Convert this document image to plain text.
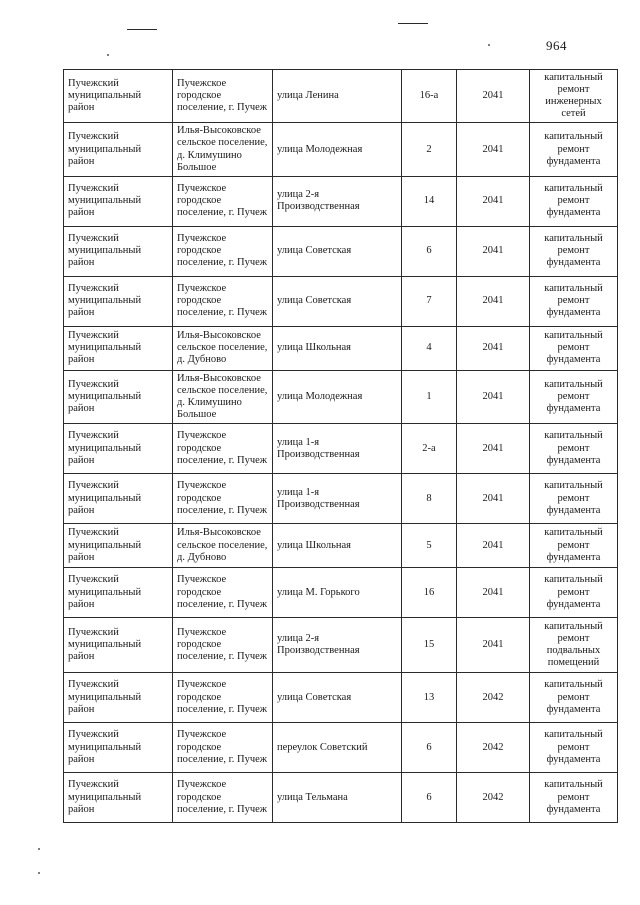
964
Пучежский муниципальный район	Пучежское городское поселение, г. Пучеж	улица Ленина	16-а	2041	капитальный ремонт инженерных сетей
Пучежский муниципальный район	Илья-Высоковское сельское поселение, д. Климушино Большое	улица Молодежная	2	2041	капитальный ремонт фундамента
Пучежский муниципальный район	Пучежское городское поселение, г. Пучеж	улица 2-я Производственная	14	2041	капитальный ремонт фундамента
Пучежский муниципальный район	Пучежское городское поселение, г. Пучеж	улица Советская	6	2041	капитальный ремонт фундамента
Пучежский муниципальный район	Пучежское городское поселение, г. Пучеж	улица Советская	7	2041	капитальный ремонт фундамента
Пучежский муниципальный район	Илья-Высоковское сельское поселение, д. Дубново	улица Школьная	4	2041	капитальный ремонт фундамента
Пучежский муниципальный район	Илья-Высоковское сельское поселение, д. Климушино Большое	улица Молодежная	1	2041	капитальный ремонт фундамента
Пучежский муниципальный район	Пучежское городское поселение, г. Пучеж	улица 1-я Производственная	2-а	2041	капитальный ремонт фундамента
Пучежский муниципальный район	Пучежское городское поселение, г. Пучеж	улица 1-я Производственная	8	2041	капитальный ремонт фундамента
Пучежский муниципальный район	Илья-Высоковское сельское поселение, д. Дубново	улица Школьная	5	2041	капитальный ремонт фундамента
Пучежский муниципальный район	Пучежское городское поселение, г. Пучеж	улица М. Горького	16	2041	капитальный ремонт фундамента
Пучежский муниципальный район	Пучежское городское поселение, г. Пучеж	улица 2-я Производственная	15	2041	капитальный ремонт подвальных помещений
Пучежский муниципальный район	Пучежское городское поселение, г. Пучеж	улица Советская	13	2042	капитальный ремонт фундамента
Пучежский муниципальный район	Пучежское городское поселение, г. Пучеж	переулок Советский	6	2042	капитальный ремонт фундамента
Пучежский муниципальный район	Пучежское городское поселение, г. Пучеж	улица Тельмана	6	2042	капитальный ремонт фундамента
